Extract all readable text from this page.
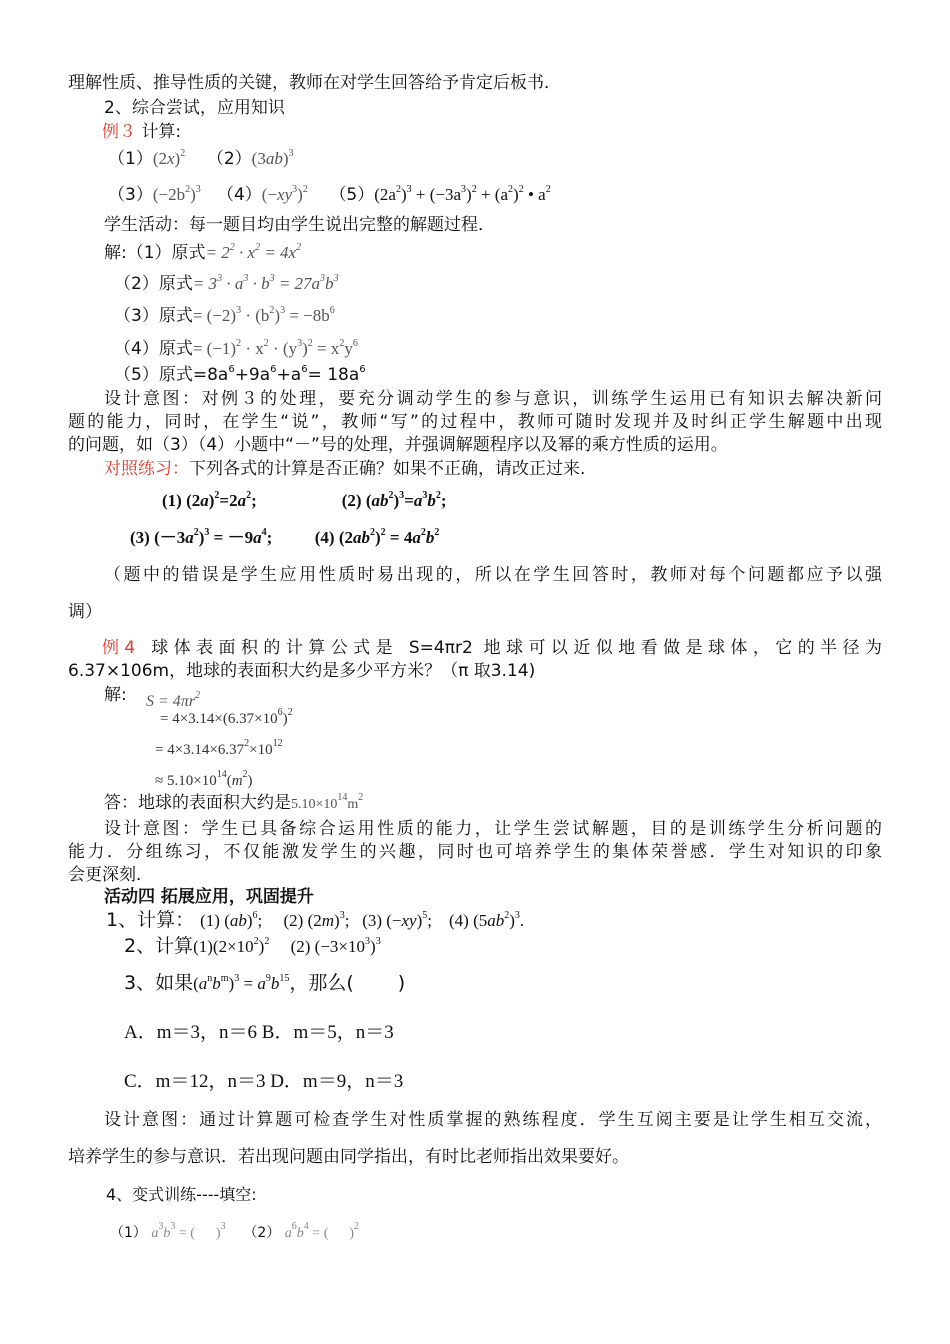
理解性质、推导性质的关键，教师在对学生回答给予肯定后板书．
2、综合尝试，应用知识
例３ 计算:
$(1)(2x)^2$ $(2)(3ab)^3$
$(3)(-2b^2)^3$ $(4)(-xy^3)^2$ $(5)(2a^2)^3 + (-3a^3)^2 + (a^2)^2$ • $a^2$
学生活动：每一题目均由学生说出完整的解题过程．
解:（1）原式= $2^2 \cdot x^2 = 4x^2$
（2）原式= $3^3 \cdot a^3 \cdot b^3 = 27a^3b^3$
（3）原式= $(-2)^3 \cdot (b^2)^3 = -8b^6$
（4）原式= $(-1)^2 \cdot x^2 \cdot (y^3)^2 = x^2y^6$
（5）原式$=8a^6+9a^6+a^6= 18a^6$
设计意图：对例３的处理，要充分调动学生的参与意识，训练学生运用已有知识去解决新问
题的能力，同时，在学生“说”，教师“写”的过程中，教师可随时发现并及时纠正学生解题中出现
的问题，如（3）（4）小题中“－”号的处理，并强调解题程序以及幂的乘方性质的运用。
对照练习：下列各式的计算是否正确？如果不正确，请改正过来.
(1) $(2a)^2=2a^2$;                    (2) $(ab^2)^3=a^3b^2$;
(3) $(-3a^2)^3 = -9a^4$;          (4) $(2ab^2)^2 = 4a^2b^2$
（题中的错误是学生应用性质时易出现的，所以在学生回答时，教师对每个问题都应予以强
调）
例 4 球体表面积的计算公式是 S=4πr2 地球可以近似地看做是球体，它的半径为
6.37×106m，地球的表面积大约是多少平方米？（π 取3.14)
解: $S = 4\pi r^2$
= $4\times 3.14\times(6.37\times 10^6)^2$
= $4\times 3.14\times 6.37^2\times 10^{12}$
≈ $5.10\times 10^{14}(m^2)$
答：地球的表面积大约是$5.10\times 10^{14}m^2$
设计意图：学生已具备综合运用性质的能力，让学生尝试解题，目的是训练学生分析问题的
能力．分组练习，不仅能激发学生的兴趣，同时也可培养学生的集体荣誉感．学生对知识的印象
会更深刻．
活动四 拓展应用，巩固提升
1、计算： (1) (ab)$^6$;     (2) $(2m)^3$;   (3) $(-xy)^5$;    (4) $(5ab^2)^3$.
2、计算$(1)(2\times 10^2)^2$     (2) $(-3\times 10^3)^3$
3、如果$(a^nb^m)^3 = a^9b^{15}$，那么( )
A．m＝3，n＝6 B．m＝5，n＝3
C．m＝12，n＝3 D．m＝9，n＝3
设计意图：通过计算题可检查学生对性质掌握的熟练程度．学生互阅主要是让学生相互交流，
培养学生的参与意识．若出现问题由同学指出，有时比老师指出效果要好。
4、变式训练----填空:
（1） $a^3b^3$ = (      )$^3$ （2） $a^6b^4$ = (      )$^2$
